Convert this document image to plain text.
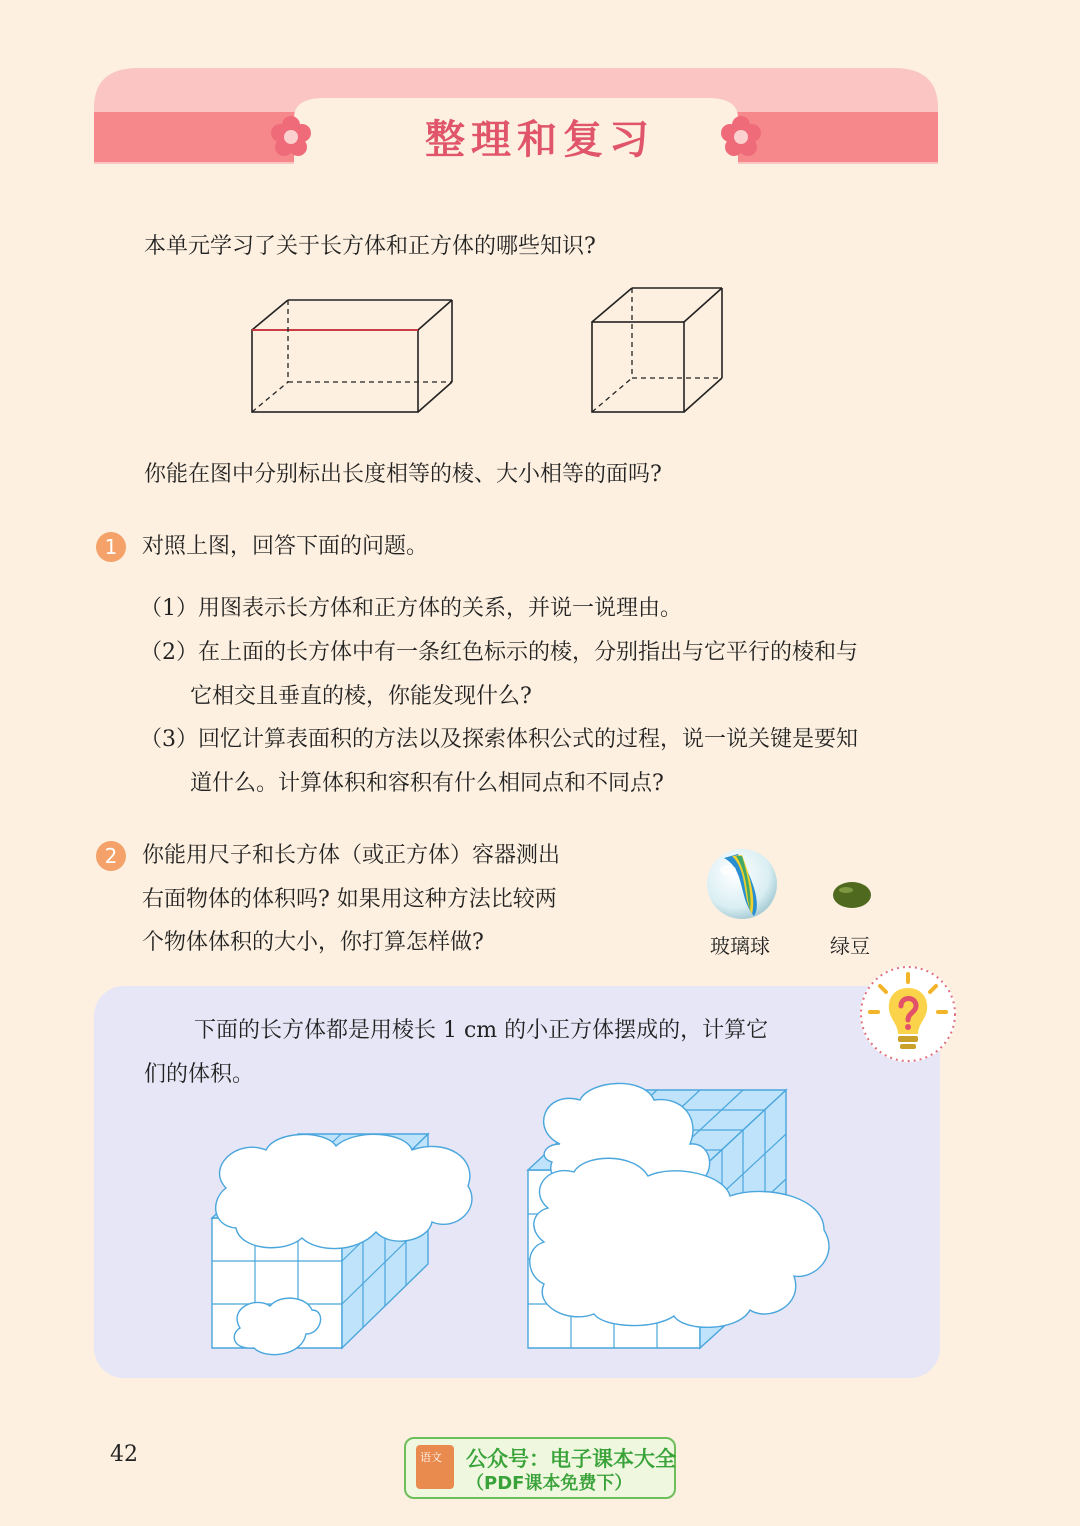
整理和复习
本单元学习了关于长方体和正方体的哪些知识?
你能在图中分别标出长度相等的棱、大小相等的面吗?
1	对照上图，回答下面的问题。
（1）用图表示长方体和正方体的关系，并说一说理由。
（2）在上面的长方体中有一条红色标示的棱，分别指出与它平行的棱和与
它相交且垂直的棱，你能发现什么?
（3）回忆计算表面积的方法以及探索体积公式的过程，说一说关键是要知
道什么。计算体积和容积有什么相同点和不同点?
2	你能用尺子和长方体（或正方体）容器测出
右面物体的体积吗? 如果用这种方法比较两
个物体体积的大小，你打算怎样做?	玻璃球	绿豆
下面的长方体都是用棱长 1 cm 的小正方体摆成的，计算它
们的体积。
42	语文 公众号：电子课本大全
（PDF课本免费下）
